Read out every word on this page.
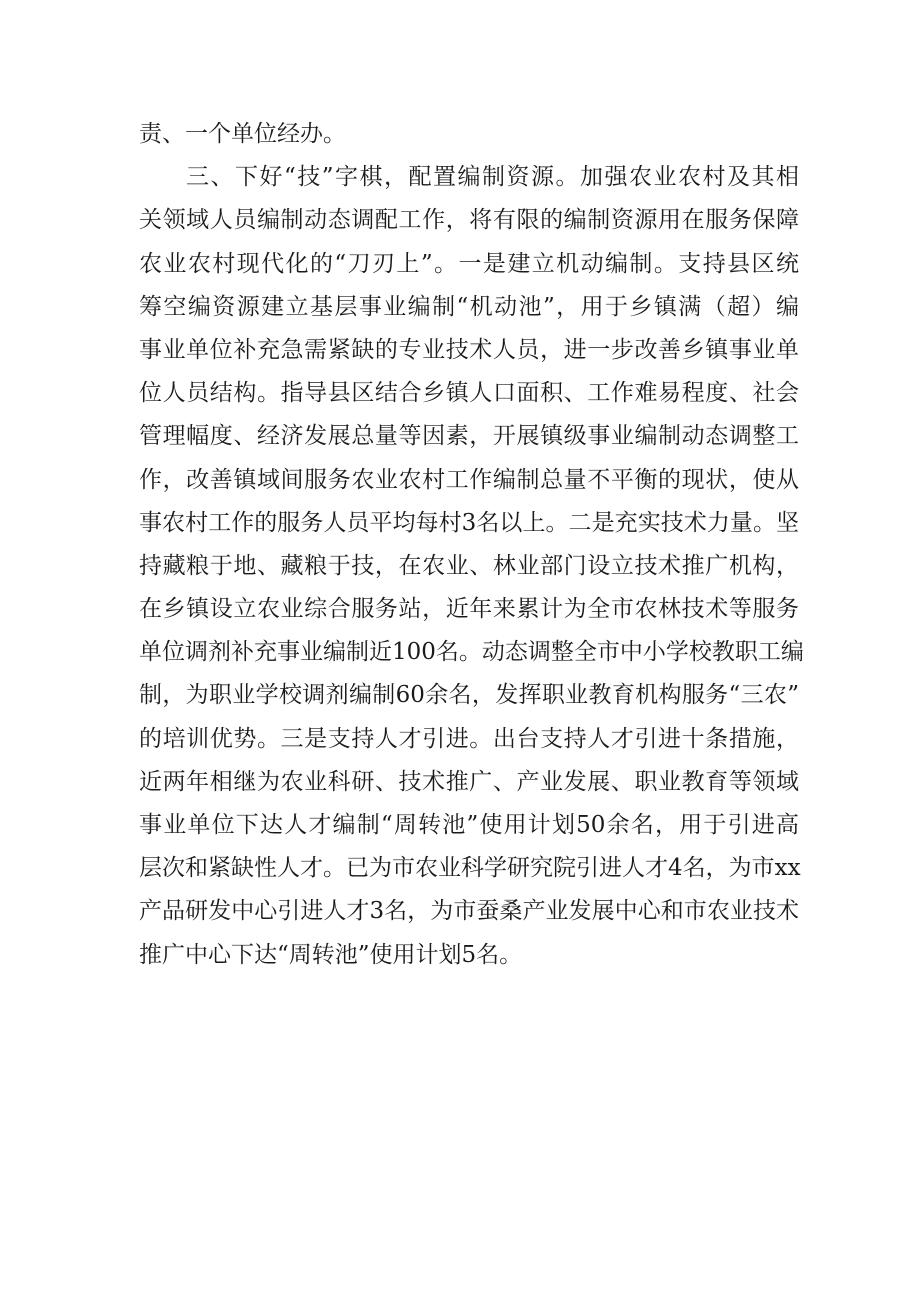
责、一个单位经办。
三、下好“技”字棋，配置编制资源。加强农业农村及其相
关领域人员编制动态调配工作，将有限的编制资源用在服务保障
农业农村现代化的“刀刃上”。一是建立机动编制。支持县区统
筹空编资源建立基层事业编制“机动池”，用于乡镇满（超）编
事业单位补充急需紧缺的专业技术人员，进一步改善乡镇事业单
位人员结构。指导县区结合乡镇人口面积、工作难易程度、社会
管理幅度、经济发展总量等因素，开展镇级事业编制动态调整工
作，改善镇域间服务农业农村工作编制总量不平衡的现状，使从
事农村工作的服务人员平均每村3名以上。二是充实技术力量。坚
持藏粮于地、藏粮于技，在农业、林业部门设立技术推广机构，
在乡镇设立农业综合服务站，近年来累计为全市农林技术等服务
单位调剂补充事业编制近100名。动态调整全市中小学校教职工编
制，为职业学校调剂编制60余名，发挥职业教育机构服务“三农”
的培训优势。三是支持人才引进。出台支持人才引进十条措施，
近两年相继为农业科研、技术推广、产业发展、职业教育等领域
事业单位下达人才编制“周转池”使用计划50余名，用于引进高
层次和紧缺性人才。已为市农业科学研究院引进人才4名，为市xx
产品研发中心引进人才3名，为市蚕桑产业发展中心和市农业技术
推广中心下达“周转池”使用计划5名。
